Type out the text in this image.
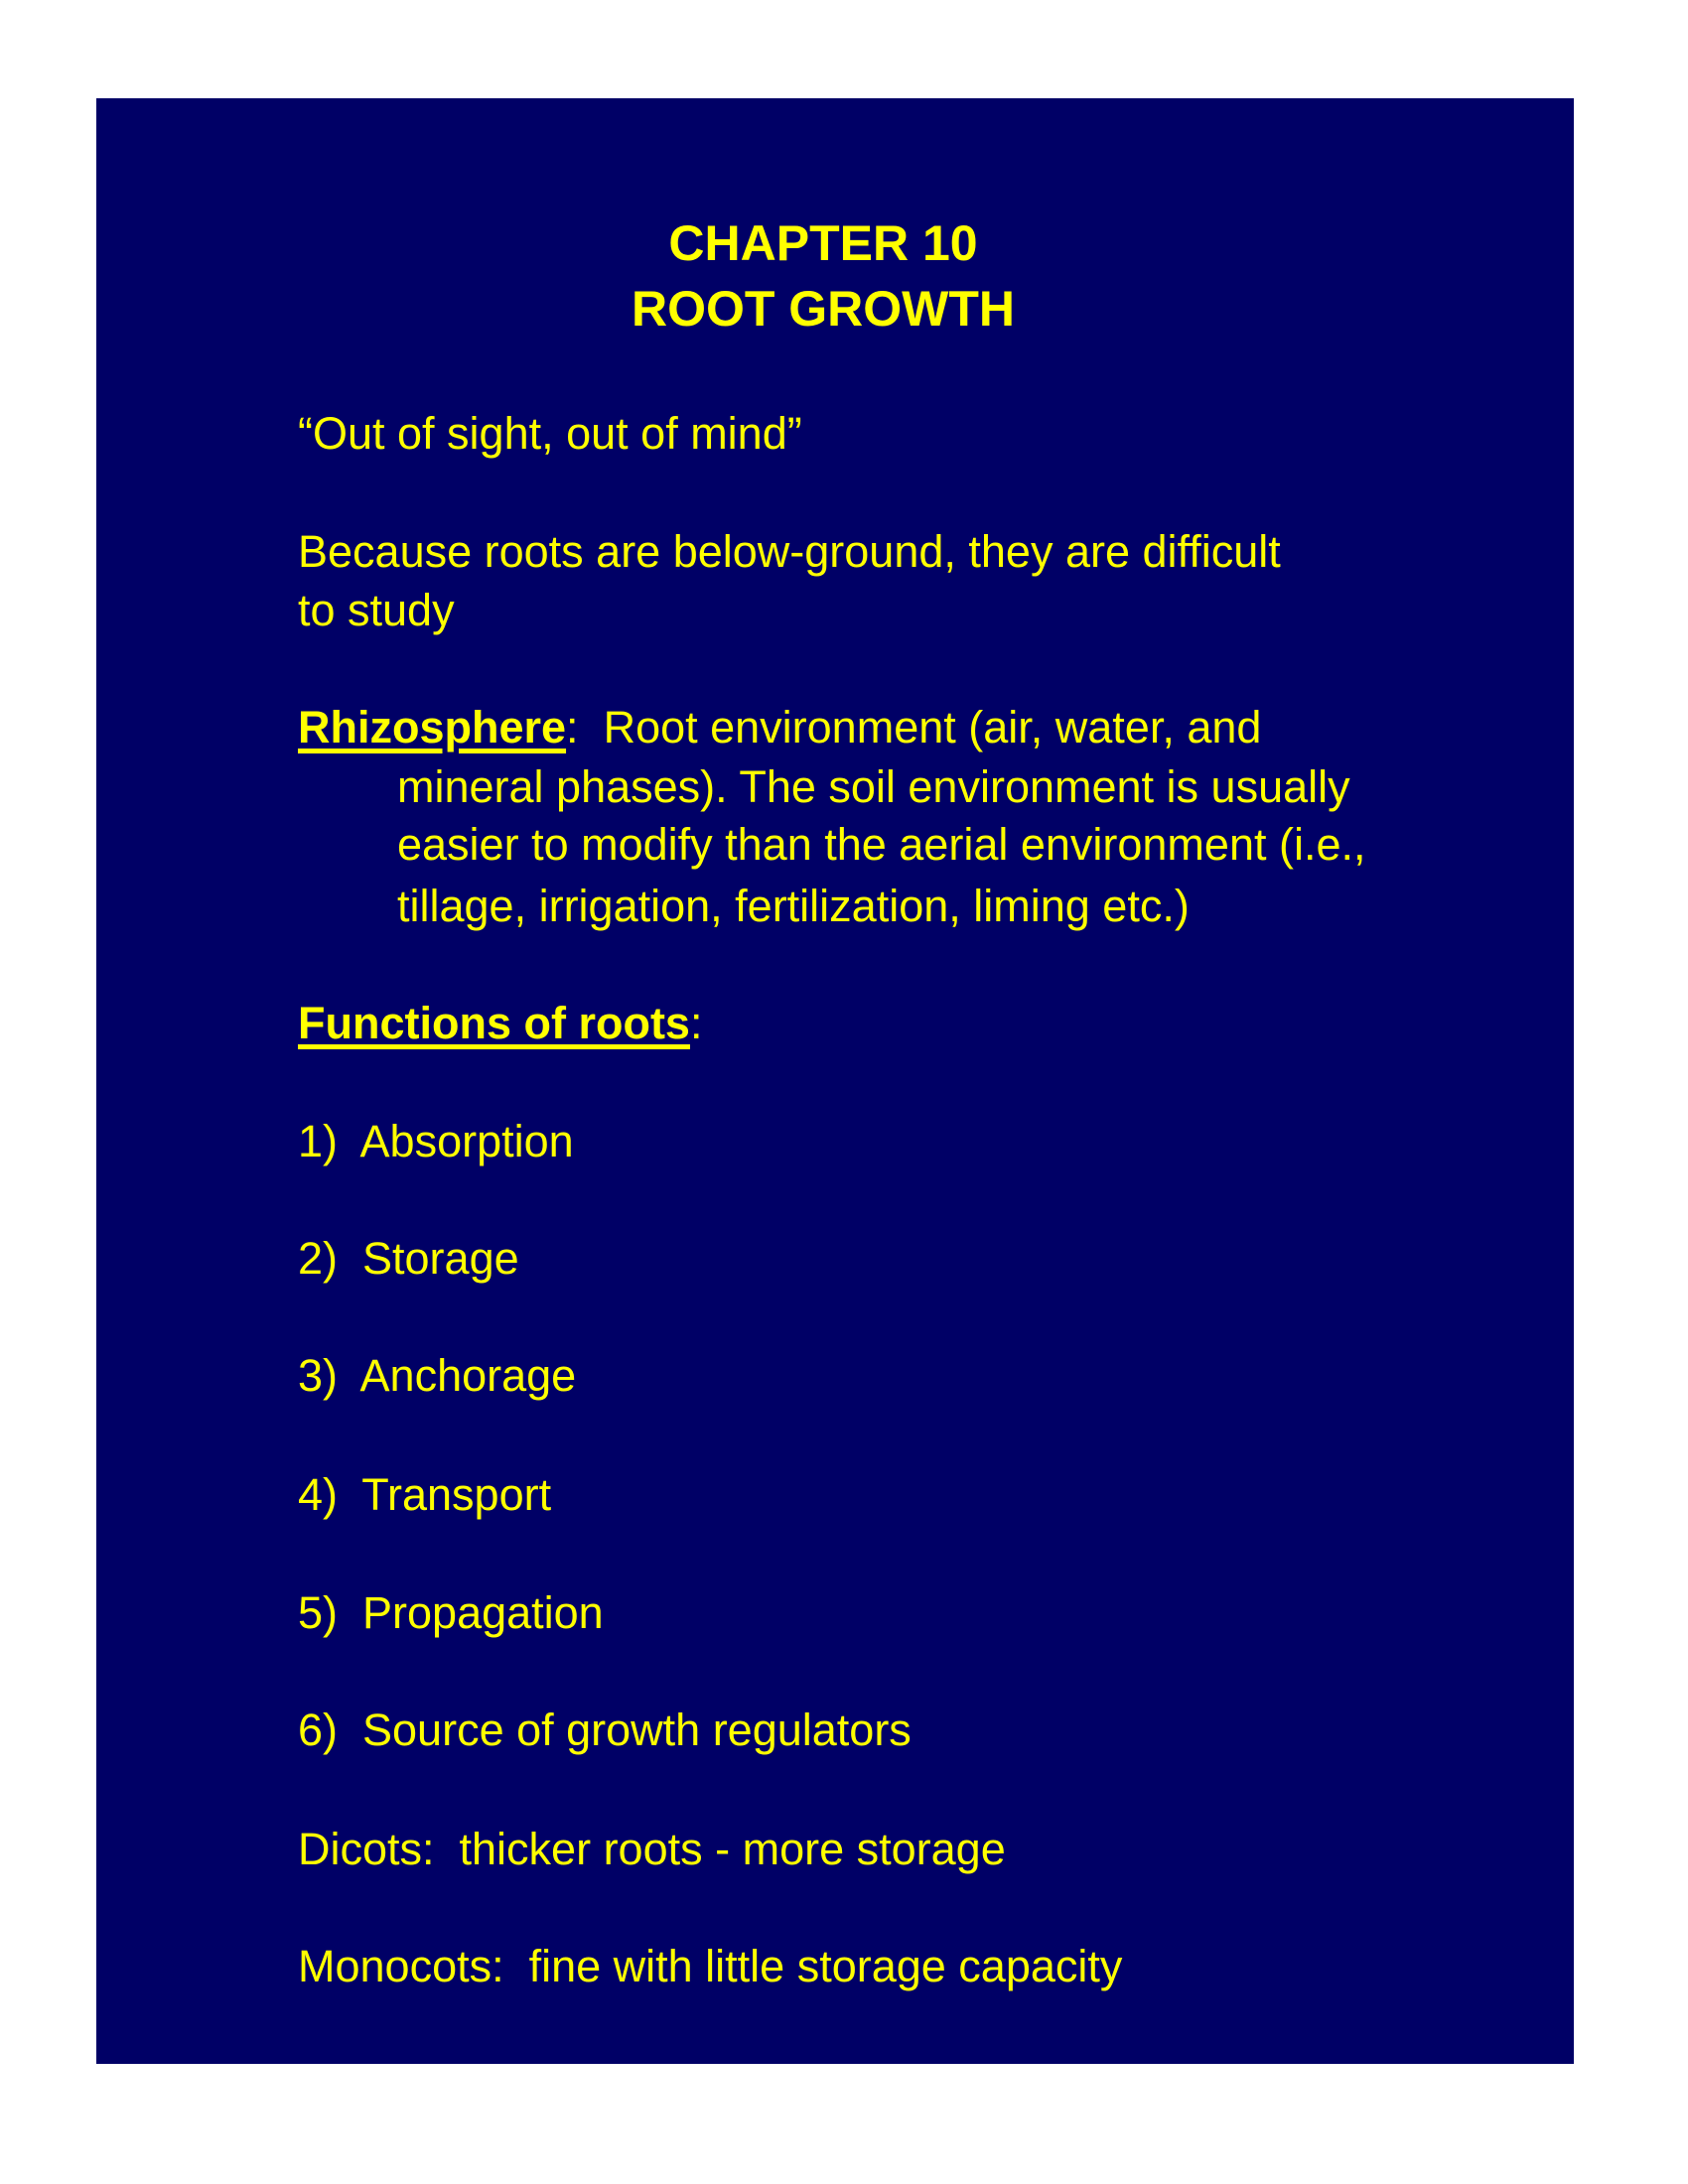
CHAPTER 10
ROOT GROWTH
“Out of sight, out of mind”
Because roots are below-ground, they are difficult
to study
Rhizosphere:  Root environment (air, water, and
mineral phases). The soil environment is usually
easier to modify than the aerial environment (i.e.,
tillage, irrigation, fertilization, liming etc.)
Functions of roots:
1)  Absorption
2)  Storage
3)  Anchorage
4)  Transport
5)  Propagation
6)  Source of growth regulators
Dicots:  thicker roots - more storage
Monocots:  fine with little storage capacity
